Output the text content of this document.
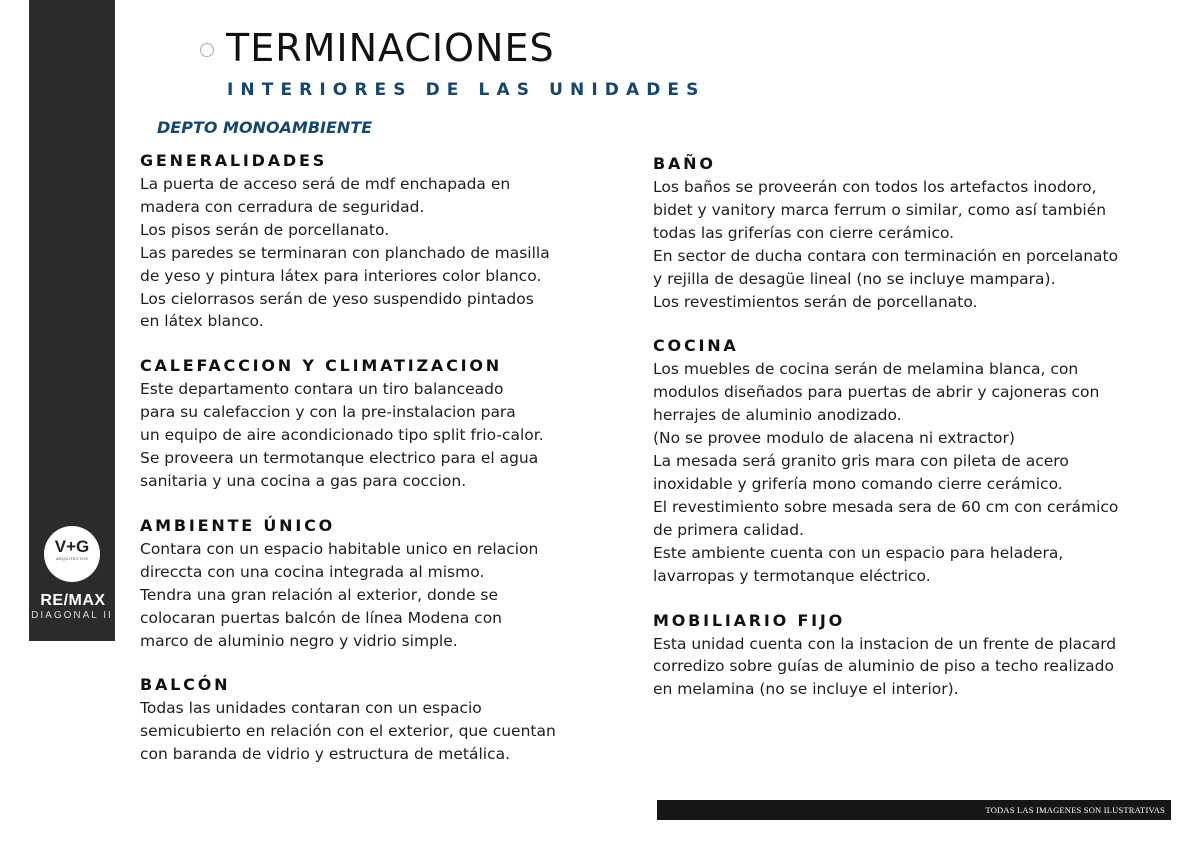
V+G
ARQUITECTOS
RE/MAX
DIAGONAL II
TERMINACIONES
INTERIORES DE LAS UNIDADES
DEPTO MONOAMBIENTE
GENERALIDADES
La puerta de acceso será de mdf enchapada en
madera con cerradura de seguridad.
Los pisos serán de porcellanato.
Las paredes se terminaran con planchado de masilla
de yeso y pintura látex para interiores color blanco.
Los cielorrasos serán de yeso suspendido pintados
en látex blanco.
CALEFACCION Y CLIMATIZACION
Este departamento contara un tiro balanceado
para su calefaccion y con la pre-instalacion para
un equipo de aire acondicionado tipo split frio-calor.
Se proveera un termotanque electrico para el agua
sanitaria y una cocina a gas para coccion.
AMBIENTE ÚNICO
Contara con un espacio habitable unico en relacion
direccta con una cocina integrada al mismo.
Tendra una gran relación al exterior, donde se
colocaran puertas balcón de línea Modena con
marco de aluminio negro y vidrio simple.
BALCÓN
Todas las unidades contaran con un espacio
semicubierto en relación con el exterior, que cuentan
con baranda de vidrio y estructura de metálica.
BAÑO
Los baños se proveerán con todos los artefactos inodoro,
bidet y vanitory marca ferrum o similar, como así también
todas las griferías con cierre cerámico.
En sector de ducha contara con terminación en porcelanato
y rejilla de desagüe lineal (no se incluye mampara).
Los revestimientos serán de porcellanato.
COCINA
Los muebles de cocina serán de melamina blanca, con
modulos diseñados para puertas de abrir y cajoneras con
herrajes de aluminio anodizado.
(No se provee modulo de alacena ni extractor)
La mesada será granito gris mara con pileta de acero
inoxidable y grifería mono comando cierre cerámico.
El revestimiento sobre mesada sera de 60 cm con cerámico
de primera calidad.
Este ambiente cuenta con un espacio para heladera,
lavarropas y termotanque eléctrico.
MOBILIARIO FIJO
Esta unidad cuenta con la instacion de un frente de placard
corredizo sobre guías de aluminio de piso a techo realizado
en melamina (no se incluye el interior).
TODAS LAS IMAGENES SON ILUSTRATIVAS
